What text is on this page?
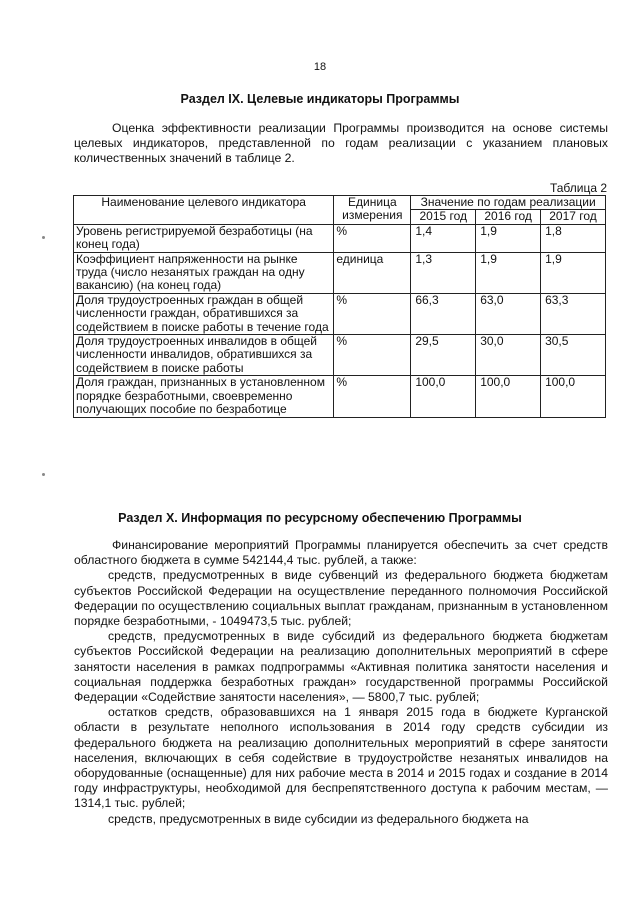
18
Раздел IX. Целевые индикаторы Программы

Оценка эффективности реализации Программы производится на основе системы целевых индикаторов, представленной по годам реализации с указанием плановых количественных значений в таблице 2.

Таблица 2
Наименование целевого индикатора	Единица измерения	Значение по годам реализации		
		2015 год	2016 год	2017 год
Уровень регистрируемой безработицы (на конец года)	%	1,4	1,9	1,8
Коэффициент напряженности на рынке труда (число незанятых граждан на одну вакансию) (на конец года)	единица	1,3	1,9	1,9
Доля трудоустроенных граждан в общей численности граждан, обратившихся за содействием в поиске работы в течение года	%	66,3	63,0	63,3
Доля трудоустроенных инвалидов в общей численности инвалидов, обратившихся за содействием в поиске работы	%	29,5	30,0	30,5
Доля граждан, признанных в установленном порядке безработными, своевременно получающих пособие по безработице	%	100,0	100,0	100,0
Раздел X. Информация по ресурсному обеспечению Программы

Финансирование мероприятий Программы планируется обеспечить за счет средств областного бюджета в сумме 542144,4 тыс. рублей, а также:

средств, предусмотренных в виде субвенций из федерального бюджета бюджетам субъектов Российской Федерации на осуществление переданного полномочия Российской Федерации по осуществлению социальных выплат гражданам, признанным в установленном порядке безработными, - 1049473,5 тыс. рублей;

средств, предусмотренных в виде субсидий из федерального бюджета бюджетам субъектов Российской Федерации на реализацию дополнительных мероприятий в сфере занятости населения в рамках подпрограммы «Активная политика занятости населения и социальная поддержка безработных граждан» государственной программы Российской Федерации «Содействие занятости населения», — 5800,7 тыс. рублей;

остатков средств, образовавшихся на 1 января 2015 года в бюджете Курганской области в результате неполного использования в 2014 году средств субсидии из федерального бюджета на реализацию дополнительных мероприятий в сфере занятости населения, включающих в себя содействие в трудоустройстве незанятых инвалидов на оборудованные (оснащенные) для них рабочие места в 2014 и 2015 годах и создание в 2014 году инфраструктуры, необходимой для беспрепятственного доступа к рабочим местам, — 1314,1 тыс. рублей;

средств, предусмотренных в виде субсидии из федерального бюджета на
